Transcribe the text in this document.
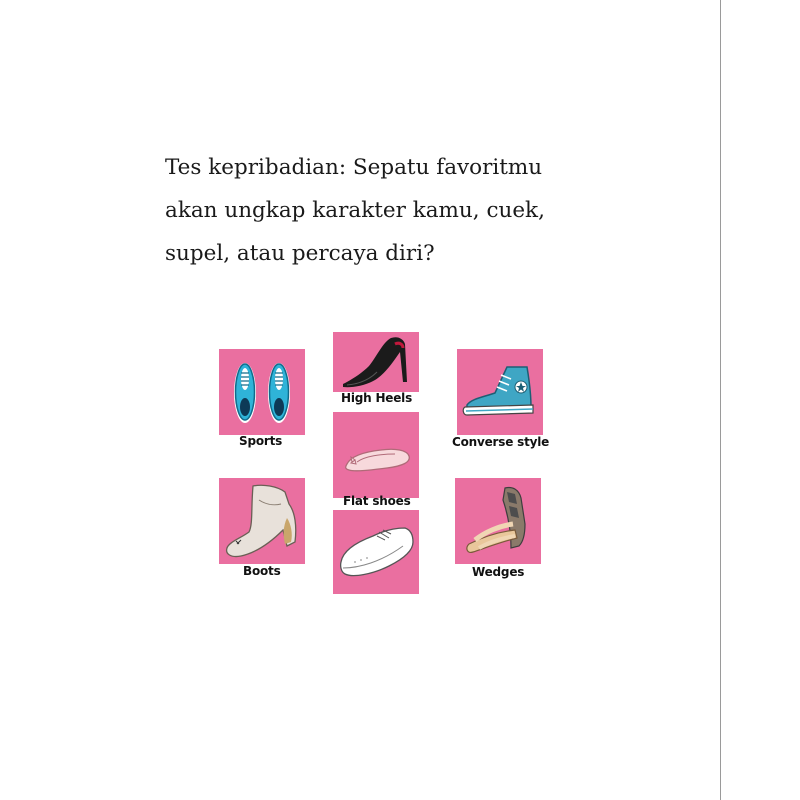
Tes kepribadian: Sepatu favoritmu
akan ungkap karakter kamu, cuek,
supel, atau percaya diri?
Sports
High Heels
Converse style
Flat shoes
Boots	Wedges
